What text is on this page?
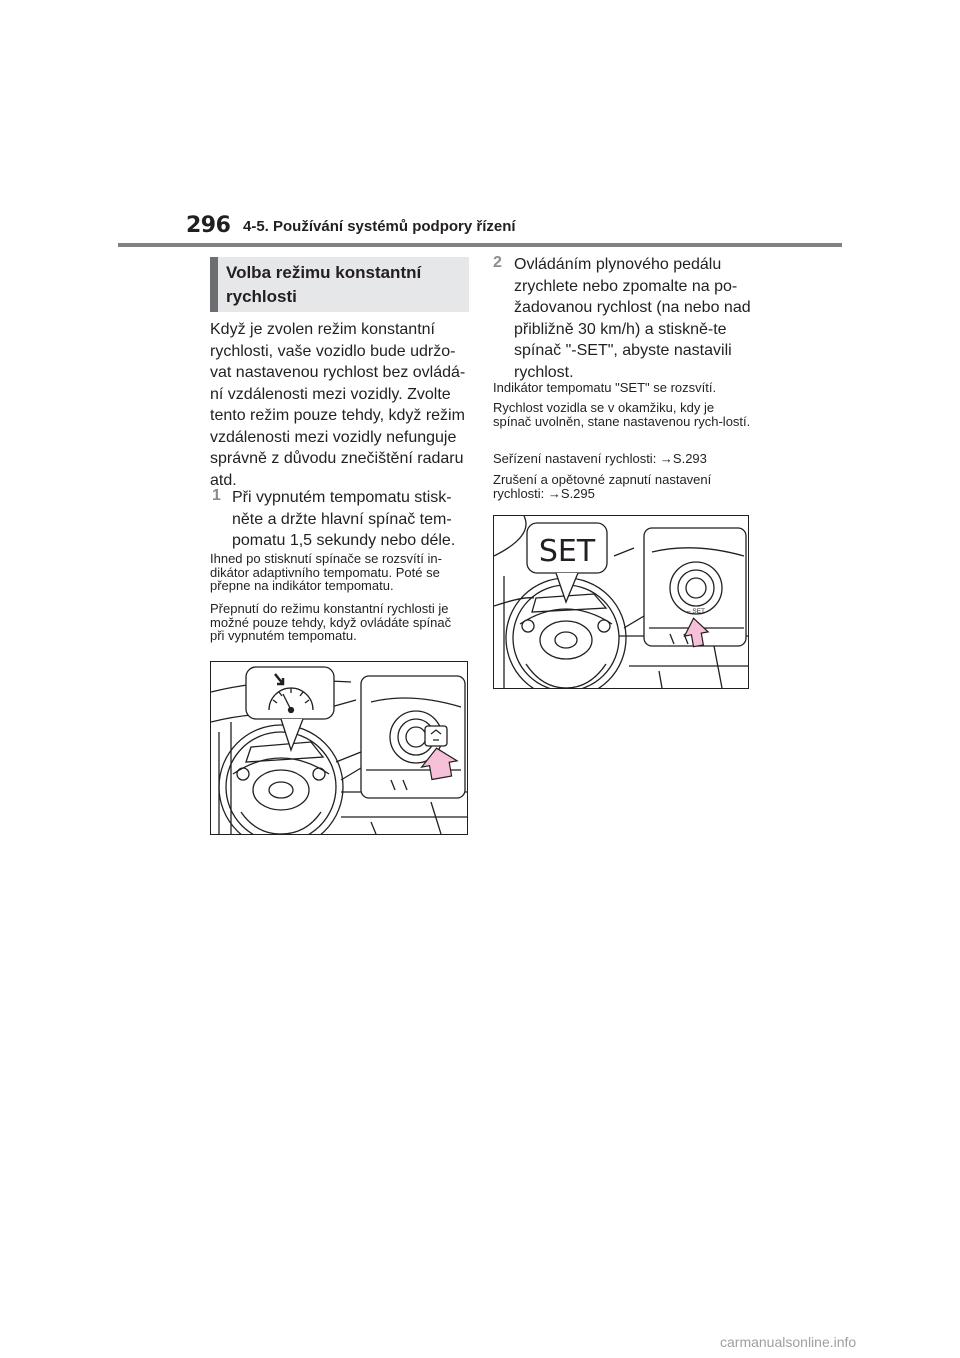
296 4-5. Používání systémů podpory řízení
Volba režimu konstantní
rychlosti
Když je zvolen režim konstantní rychlosti, vaše vozidlo bude udržo-vat nastavenou rychlost bez ovládá-ní vzdálenosti mezi vozidly. Zvolte tento režim pouze tehdy, když režim vzdálenosti mezi vozidly nefunguje správně z důvodu znečištění radaru atd.
1 Při vypnutém tempomatu stisk-něte a držte hlavní spínač tem-pomatu 1,5 sekundy nebo déle.
Ihned po stisknutí spínače se rozsvítí in-dikátor adaptivního tempomatu. Poté se přepne na indikátor tempomatu.
Přepnutí do režimu konstantní rychlosti je možné pouze tehdy, když ovládáte spínač při vypnutém tempomatu.
2 Ovládáním plynového pedálu zrychlete nebo zpomalte na po-žadovanou rychlost (na nebo nad přibližně 30 km/h) a stiskně-te spínač "-SET", abyste nastavili rychlost.
Indikátor tempomatu "SET" se rozsvítí.
Rychlost vozidla se v okamžiku, kdy je spínač uvolněn, stane nastavenou rych-lostí.
Seřízení nastavení rychlosti: →S.293
Zrušení a opětovné zapnutí nastavení rychlosti: →S.295
SET
– SET
carmanualsonline.info
